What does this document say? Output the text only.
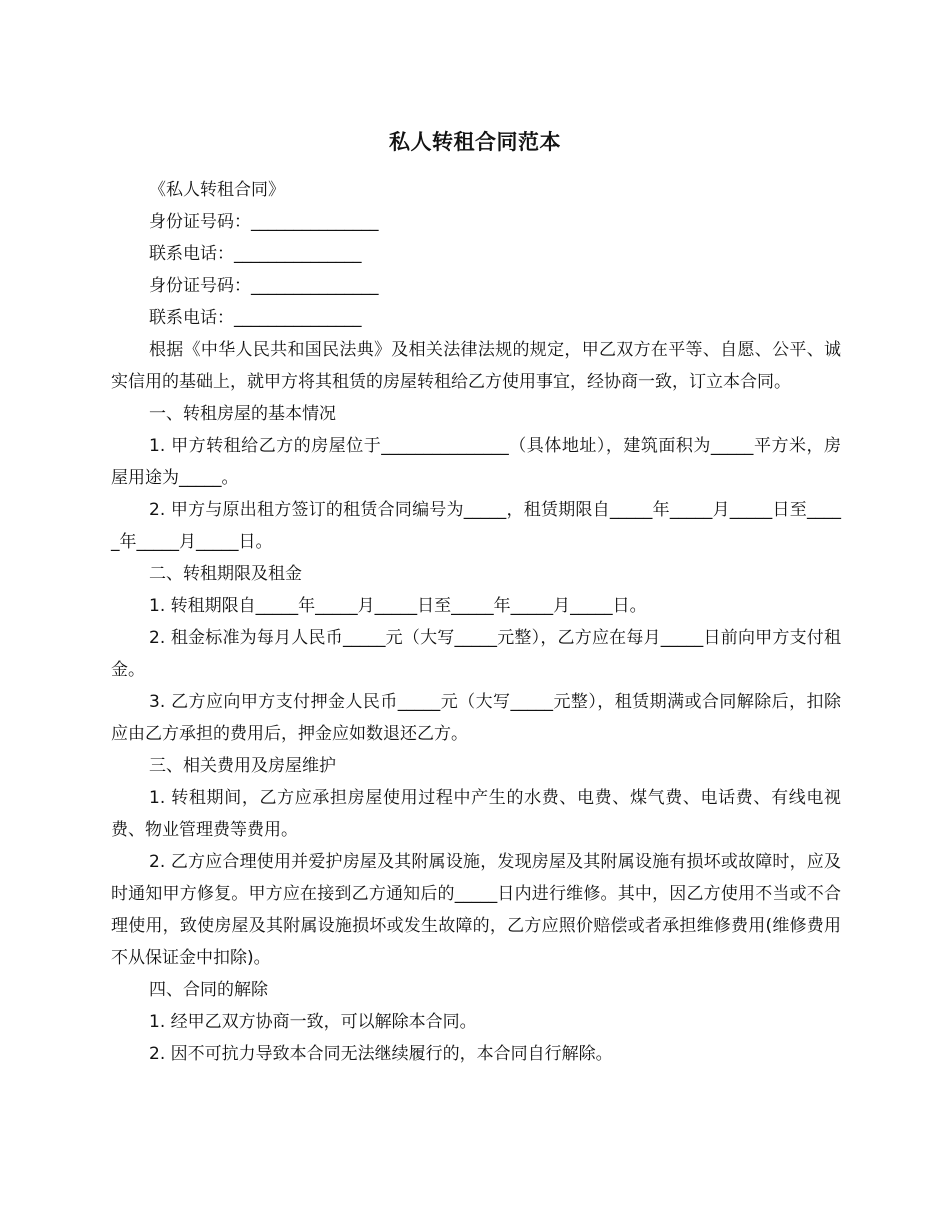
私人转租合同范本

《私人转租合同》

身份证号码：_______________

联系电话：_______________

身份证号码：_______________

联系电话：_______________

根据《中华人民共和国民法典》及相关法律法规的规定，甲乙双方在平等、自愿、公平、诚实信用的基础上，就甲方将其租赁的房屋转租给乙方使用事宜，经协商一致，订立本合同。

一、转租房屋的基本情况

1. 甲方转租给乙方的房屋位于_______________（具体地址），建筑面积为_____平方米，房屋用途为_____。

2. 甲方与原出租方签订的租赁合同编号为_____，租赁期限自_____年_____月_____日至_____年_____月_____日。

二、转租期限及租金

1. 转租期限自_____年_____月_____日至_____年_____月_____日。

2. 租金标准为每月人民币_____元（大写_____元整），乙方应在每月_____日前向甲方支付租金。

3. 乙方应向甲方支付押金人民币_____元（大写_____元整），租赁期满或合同解除后，扣除应由乙方承担的费用后，押金应如数退还乙方。

三、相关费用及房屋维护

1. 转租期间，乙方应承担房屋使用过程中产生的水费、电费、煤气费、电话费、有线电视费、物业管理费等费用。

2. 乙方应合理使用并爱护房屋及其附属设施，发现房屋及其附属设施有损坏或故障时，应及时通知甲方修复。甲方应在接到乙方通知后的_____日内进行维修。其中，因乙方使用不当或不合理使用，致使房屋及其附属设施损坏或发生故障的，乙方应照价赔偿或者承担维修费用(维修费用不从保证金中扣除)。

四、合同的解除

1. 经甲乙双方协商一致，可以解除本合同。

2. 因不可抗力导致本合同无法继续履行的，本合同自行解除。
